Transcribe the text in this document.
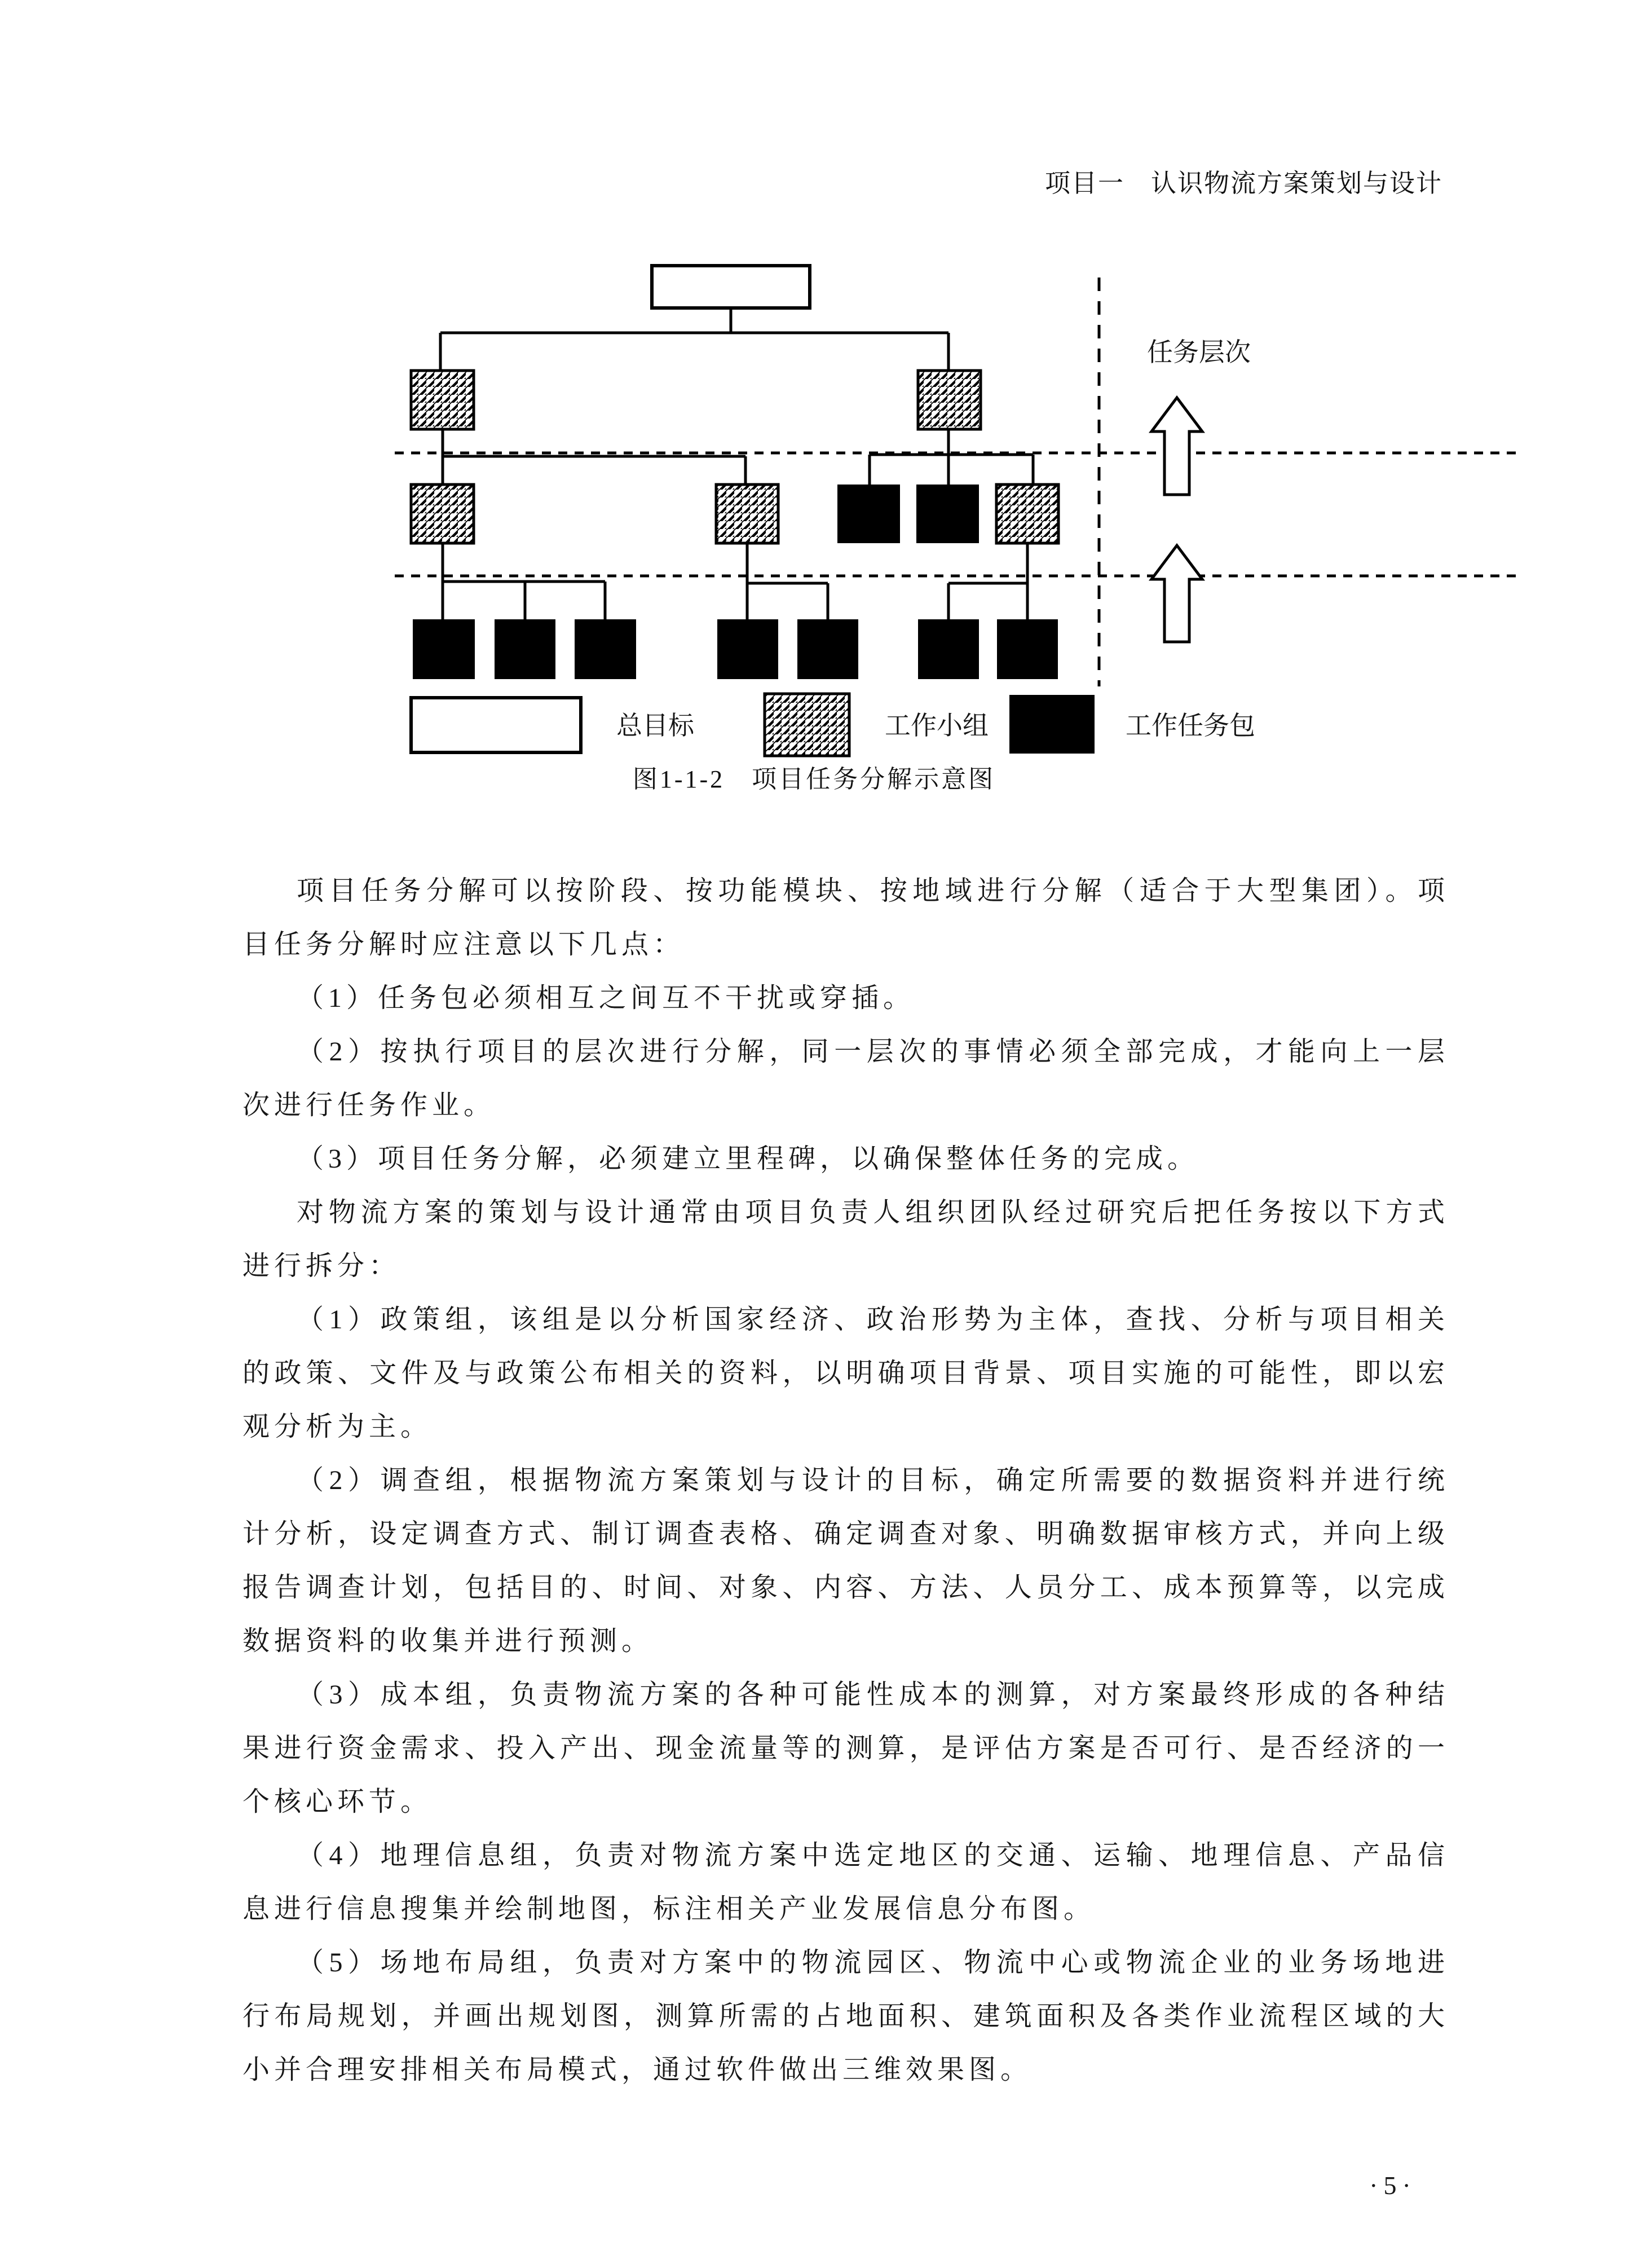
项目一　认识物流方案策划与设计
任务层次
总目标	工作小组	工作任务包
图1-1-2　项目任务分解示意图

项目任务分解可以按阶段、按功能模块、按地域进行分解（适合于大型集团）。项目任务分解时应注意以下几点：

（1）任务包必须相互之间互不干扰或穿插。

（2）按执行项目的层次进行分解，同一层次的事情必须全部完成，才能向上一层次进行任务作业。

（3）项目任务分解，必须建立里程碑，以确保整体任务的完成。

对物流方案的策划与设计通常由项目负责人组织团队经过研究后把任务按以下方式进行拆分：

（1）政策组，该组是以分析国家经济、政治形势为主体，查找、分析与项目相关的政策、文件及与政策公布相关的资料，以明确项目背景、项目实施的可能性，即以宏观分析为主。

（2）调查组，根据物流方案策划与设计的目标，确定所需要的数据资料并进行统计分析，设定调查方式、制订调查表格、确定调查对象、明确数据审核方式，并向上级报告调查计划，包括目的、时间、对象、内容、方法、人员分工、成本预算等，以完成数据资料的收集并进行预测。

（3）成本组，负责物流方案的各种可能性成本的测算，对方案最终形成的各种结果进行资金需求、投入产出、现金流量等的测算，是评估方案是否可行、是否经济的一个核心环节。

（4）地理信息组，负责对物流方案中选定地区的交通、运输、地理信息、产品信息进行信息搜集并绘制地图，标注相关产业发展信息分布图。

（5）场地布局组，负责对方案中的物流园区、物流中心或物流企业的业务场地进行布局规划，并画出规划图，测算所需的占地面积、建筑面积及各类作业流程区域的大小并合理安排相关布局模式，通过软件做出三维效果图。

·5·
